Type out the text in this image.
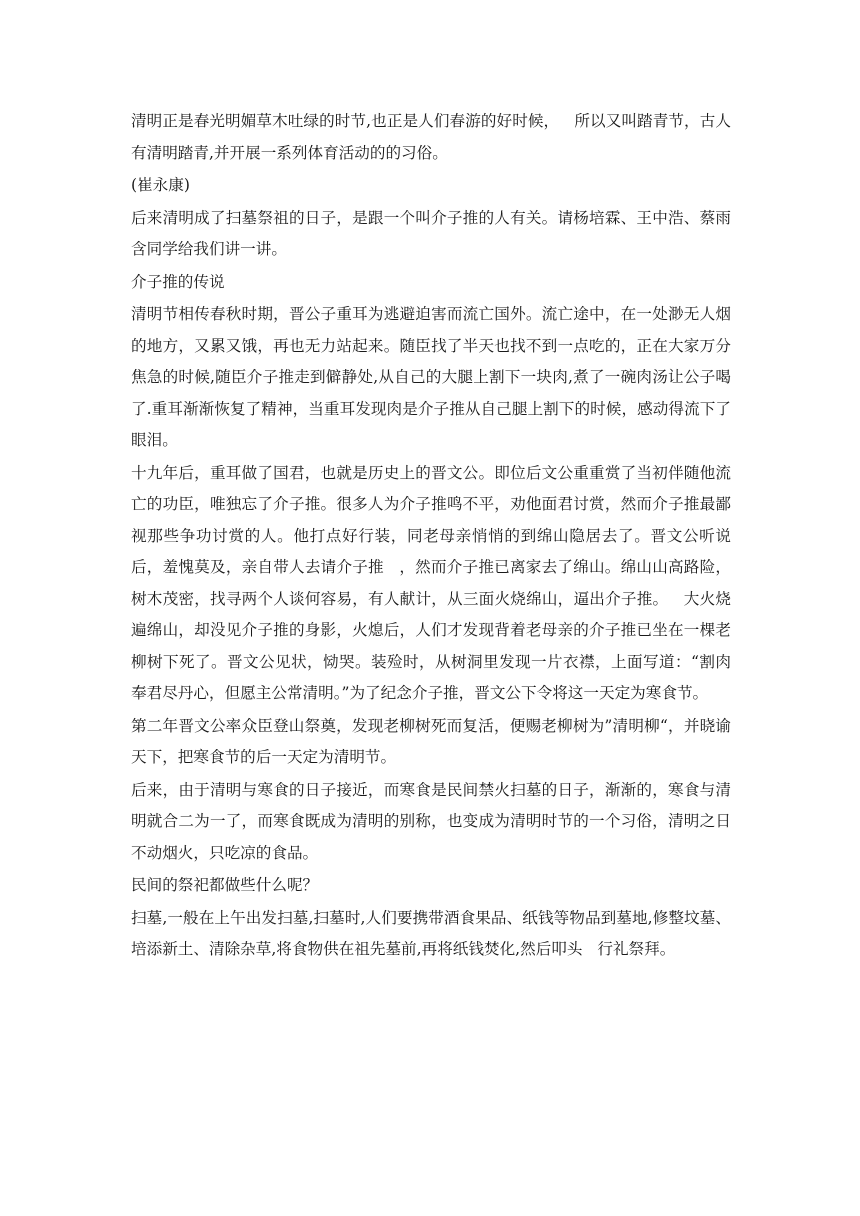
清明正是春光明媚草木吐绿的时节,也正是人们春游的好时候，   所以又叫踏青节，古人有清明踏青,并开展一系列体育活动的的习俗。

(崔永康)

后来清明成了扫墓祭祖的日子，是跟一个叫介子推的人有关。请杨培霖、王中浩、蔡雨含同学给我们讲一讲。

介子推的传说

清明节相传春秋时期，晋公子重耳为逃避迫害而流亡国外。流亡途中，在一处渺无人烟的地方，又累又饿，再也无力站起来。随臣找了半天也找不到一点吃的，正在大家万分焦急的时候,随臣介子推走到僻静处,从自己的大腿上割下一块肉,煮了一碗肉汤让公子喝了.重耳渐渐恢复了精神，当重耳发现肉是介子推从自己腿上割下的时候，感动得流下了眼泪。

十九年后，重耳做了国君，也就是历史上的晋文公。即位后文公重重赏了当初伴随他流亡的功臣，唯独忘了介子推。很多人为介子推鸣不平，劝他面君讨赏，然而介子推最鄙视那些争功讨赏的人。他打点好行装，同老母亲悄悄的到绵山隐居去了。晋文公听说后，羞愧莫及，亲自带人去请介子推   ，然而介子推已离家去了绵山。绵山山高路险，树木茂密，找寻两个人谈何容易，有人献计，从三面火烧绵山，逼出介子推。   大火烧遍绵山，却没见介子推的身影，火熄后，人们才发现背着老母亲的介子推已坐在一棵老柳树下死了。晋文公见状，恸哭。装殓时，从树洞里发现一片衣襟，上面写道：“割肉奉君尽丹心，但愿主公常清明。”为了纪念介子推，晋文公下令将这一天定为寒食节。

第二年晋文公率众臣登山祭奠，发现老柳树死而复活，便赐老柳树为”清明柳“，并晓谕天下，把寒食节的后一天定为清明节。

后来，由于清明与寒食的日子接近，而寒食是民间禁火扫墓的日子，渐渐的，寒食与清明就合二为一了，而寒食既成为清明的别称，也变成为清明时节的一个习俗，清明之日不动烟火，只吃凉的食品。

民间的祭祀都做些什么呢？

扫墓,一般在上午出发扫墓,扫墓时,人们要携带酒食果品、纸钱等物品到墓地,修整坟墓、培添新土、清除杂草,将食物供在祖先墓前,再将纸钱焚化,然后叩头   行礼祭拜。
